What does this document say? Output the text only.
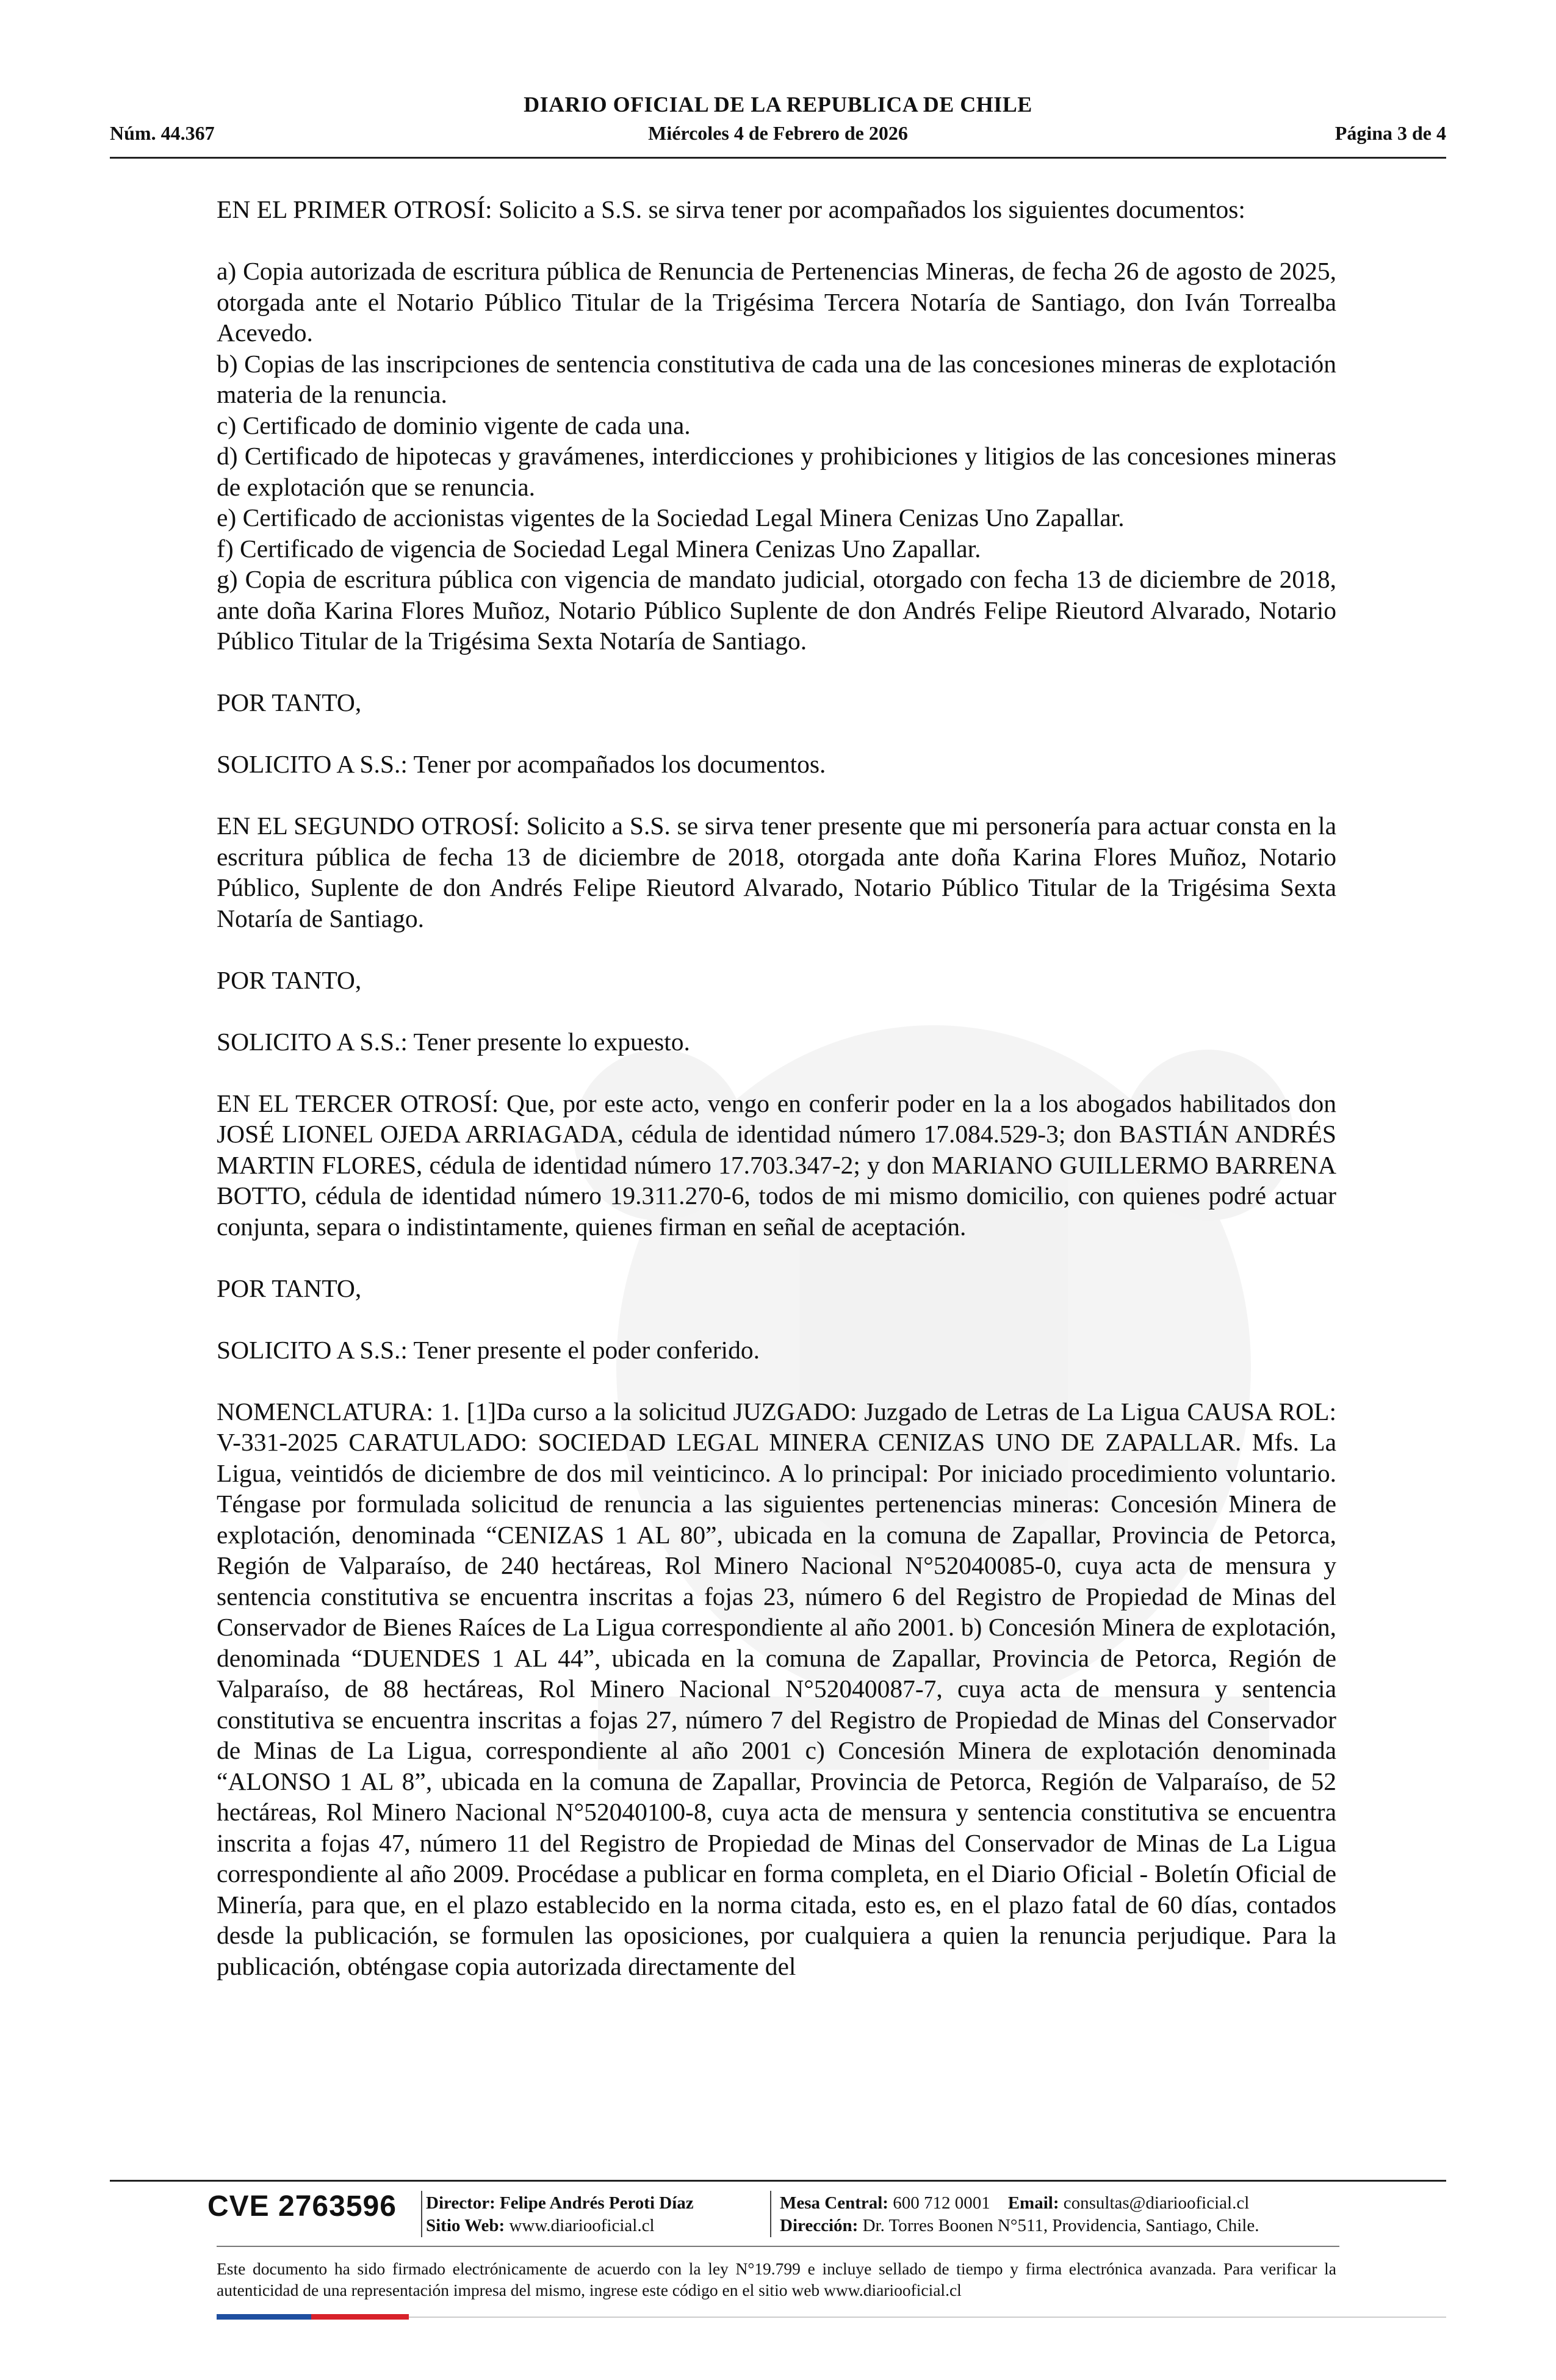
DIARIO OFICIAL DE LA REPUBLICA DE CHILE
Núm. 44.367	Miércoles 4 de Febrero de 2026	Página 3 de 4

EN EL PRIMER OTROSÍ: Solicito a S.S. se sirva tener por acompañados los siguientes documentos:

a) Copia autorizada de escritura pública de Renuncia de Pertenencias Mineras, de fecha 26 de agosto de 2025, otorgada ante el Notario Público Titular de la Trigésima Tercera Notaría de Santiago, don Iván Torrealba Acevedo.

b) Copias de las inscripciones de sentencia constitutiva de cada una de las concesiones mineras de explotación materia de la renuncia.

c) Certificado de dominio vigente de cada una.

d) Certificado de hipotecas y gravámenes, interdicciones y prohibiciones y litigios de las concesiones mineras de explotación que se renuncia.

e) Certificado de accionistas vigentes de la Sociedad Legal Minera Cenizas Uno Zapallar.

f) Certificado de vigencia de Sociedad Legal Minera Cenizas Uno Zapallar.

g) Copia de escritura pública con vigencia de mandato judicial, otorgado con fecha 13 de diciembre de 2018, ante doña Karina Flores Muñoz, Notario Público Suplente de don Andrés Felipe Rieutord Alvarado, Notario Público Titular de la Trigésima Sexta Notaría de Santiago.

POR TANTO,

SOLICITO A S.S.: Tener por acompañados los documentos.

EN EL SEGUNDO OTROSÍ: Solicito a S.S. se sirva tener presente que mi personería para actuar consta en la escritura pública de fecha 13 de diciembre de 2018, otorgada ante doña Karina Flores Muñoz, Notario Público, Suplente de don Andrés Felipe Rieutord Alvarado, Notario Público Titular de la Trigésima Sexta Notaría de Santiago.

POR TANTO,

SOLICITO A S.S.: Tener presente lo expuesto.

EN EL TERCER OTROSÍ: Que, por este acto, vengo en conferir poder en la a los abogados habilitados don JOSÉ LIONEL OJEDA ARRIAGADA, cédula de identidad número 17.084.529-3; don BASTIÁN ANDRÉS MARTIN FLORES, cédula de identidad número 17.703.347-2; y don MARIANO GUILLERMO BARRENA BOTTO, cédula de identidad número 19.311.270-6, todos de mi mismo domicilio, con quienes podré actuar conjunta, separa o indistintamente, quienes firman en señal de aceptación.

POR TANTO,

SOLICITO A S.S.: Tener presente el poder conferido.

NOMENCLATURA: 1. [1]Da curso a la solicitud JUZGADO: Juzgado de Letras de La Ligua CAUSA ROL: V-331-2025 CARATULADO: SOCIEDAD LEGAL MINERA CENIZAS UNO DE ZAPALLAR. Mfs. La Ligua, veintidós de diciembre de dos mil veinticinco. A lo principal: Por iniciado procedimiento voluntario. Téngase por formulada solicitud de renuncia a las siguientes pertenencias mineras: Concesión Minera de explotación, denominada “CENIZAS 1 AL 80”, ubicada en la comuna de Zapallar, Provincia de Petorca, Región de Valparaíso, de 240 hectáreas, Rol Minero Nacional N°52040085-0, cuya acta de mensura y sentencia constitutiva se encuentra inscritas a fojas 23, número 6 del Registro de Propiedad de Minas del Conservador de Bienes Raíces de La Ligua correspondiente al año 2001. b) Concesión Minera de explotación, denominada “DUENDES 1 AL 44”, ubicada en la comuna de Zapallar, Provincia de Petorca, Región de Valparaíso, de 88 hectáreas, Rol Minero Nacional N°52040087-7, cuya acta de mensura y sentencia constitutiva se encuentra inscritas a fojas 27, número 7 del Registro de Propiedad de Minas del Conservador de Minas de La Ligua, correspondiente al año 2001 c) Concesión Minera de explotación denominada “ALONSO 1 AL 8”, ubicada en la comuna de Zapallar, Provincia de Petorca, Región de Valparaíso, de 52 hectáreas, Rol Minero Nacional N°52040100-8, cuya acta de mensura y sentencia constitutiva se encuentra inscrita a fojas 47, número 11 del Registro de Propiedad de Minas del Conservador de Minas de La Ligua correspondiente al año 2009. Procédase a publicar en forma completa, en el Diario Oficial - Boletín Oficial de Minería, para que, en el plazo establecido en la norma citada, esto es, en el plazo fatal de 60 días, contados desde la publicación, se formulen las oposiciones, por cualquiera a quien la renuncia perjudique. Para la publicación, obténgase copia autorizada directamente del

CVE 2763596 Director: Felipe Andrés Peroti Díaz
Sitio Web: www.diariooficial.cl
Mesa Central: 600 712 0001 Email: consultas@diariooficial.cl
Dirección: Dr. Torres Boonen N°511, Providencia, Santiago, Chile.

Este documento ha sido firmado electrónicamente de acuerdo con la ley N°19.799 e incluye sellado de tiempo y firma electrónica avanzada. Para verificar la autenticidad de una representación impresa del mismo, ingrese este código en el sitio web www.diariooficial.cl
